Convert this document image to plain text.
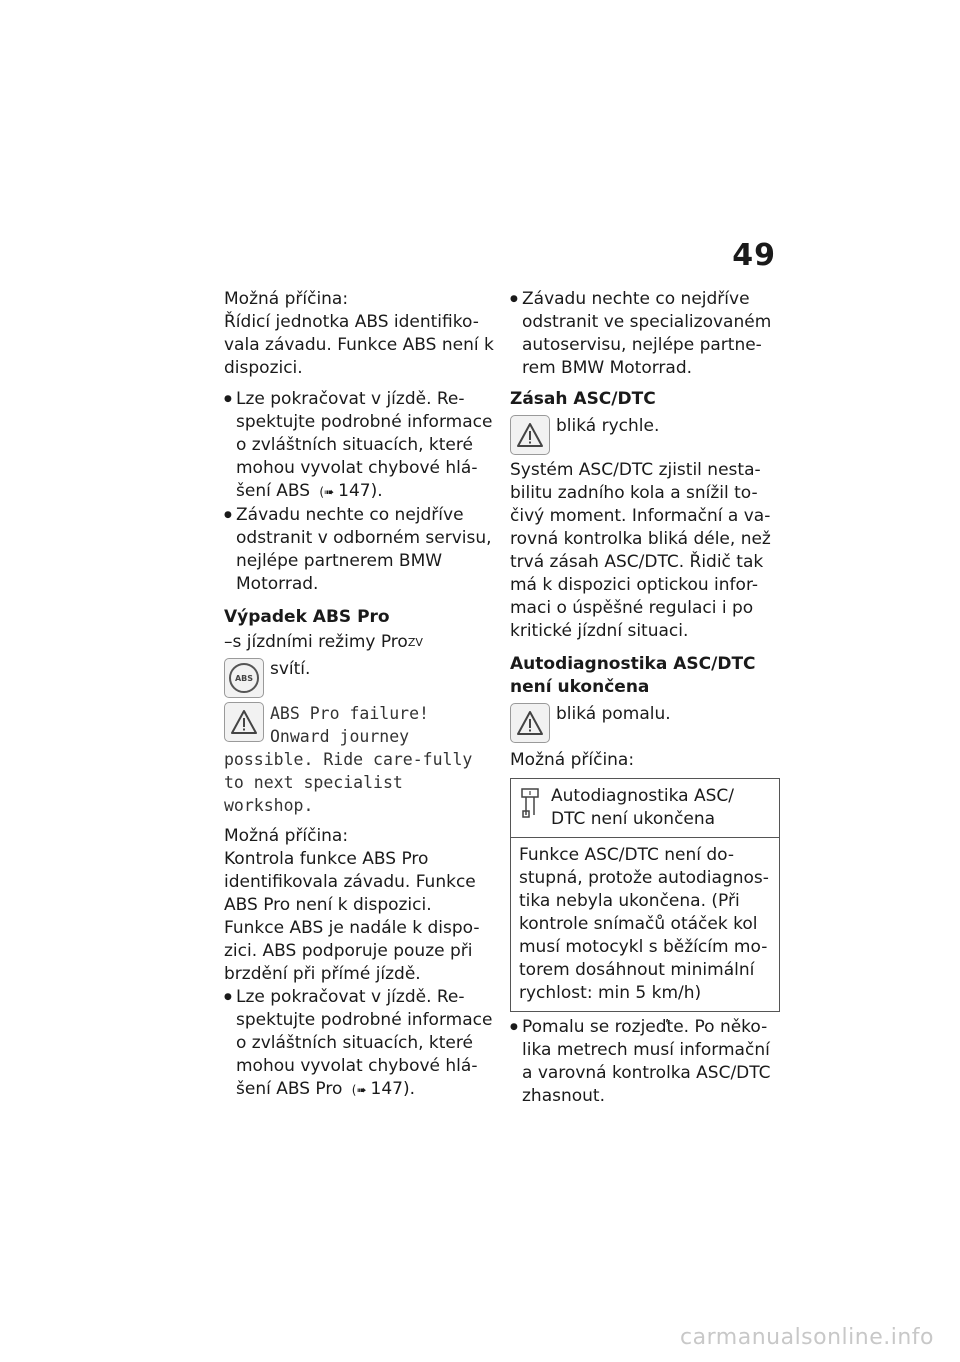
49

Možná příčina:

Řídicí jednotka ABS identifiko-vala závadu. Funkce ABS není k dispozici.

● Lze pokračovat v jízdě. Re-spektujte podrobné informace o zvláštních situacích, které mohou vyvolat chybové hlá-šení ABS (➠ 147).
● Závadu nechte co nejdříve odstranit v odborném servisu, nejlépe partnerem BMW Motorrad.

Výpadek ABS Pro

–s jízdními režimy Pro$^{ZV}$

ABS svítí.
ABS Pro failure!
Onward journey

possible. Ride care-fully to next specialist workshop.

Možná příčina:

Kontrola funkce ABS Pro identifikovala závadu. Funkce ABS Pro není k dispozici. Funkce ABS je nadále k dispo-zici. ABS podporuje pouze při brzdění při přímé jízdě.

● Lze pokračovat v jízdě. Re-spektujte podrobné informace o zvláštních situacích, které mohou vyvolat chybové hlá-šení ABS Pro (➠ 147).
● Závadu nechte co nejdříve odstranit ve specializovaném autoservisu, nejlépe partne-rem BMW Motorrad.

Zásah ASC/DTC

bliká rychle.

Systém ASC/DTC zjistil nesta-bilitu zadního kola a snížil to-čivý moment. Informační a va-rovná kontrolka bliká déle, než trvá zásah ASC/DTC. Řidič tak má k dispozici optickou infor-maci o úspěšné regulaci i po kritické jízdní situaci.

Autodiagnostika ASC/DTC není ukončena

bliká pomalu.

Možná příčina:

Autodiagnostika ASC/ DTC není ukončena
Funkce ASC/DTC není do-stupná, protože autodiagnos-tika nebyla ukončena. (Při kontrole snímačů otáček kol musí motocykl s běžícím mo-torem dosáhnout minimální rychlost: min 5 km/h)
● Pomalu se rozjeďte. Po něko-lika metrech musí informační a varovná kontrolka ASC/DTC zhasnout.
carmanualsonline.info
